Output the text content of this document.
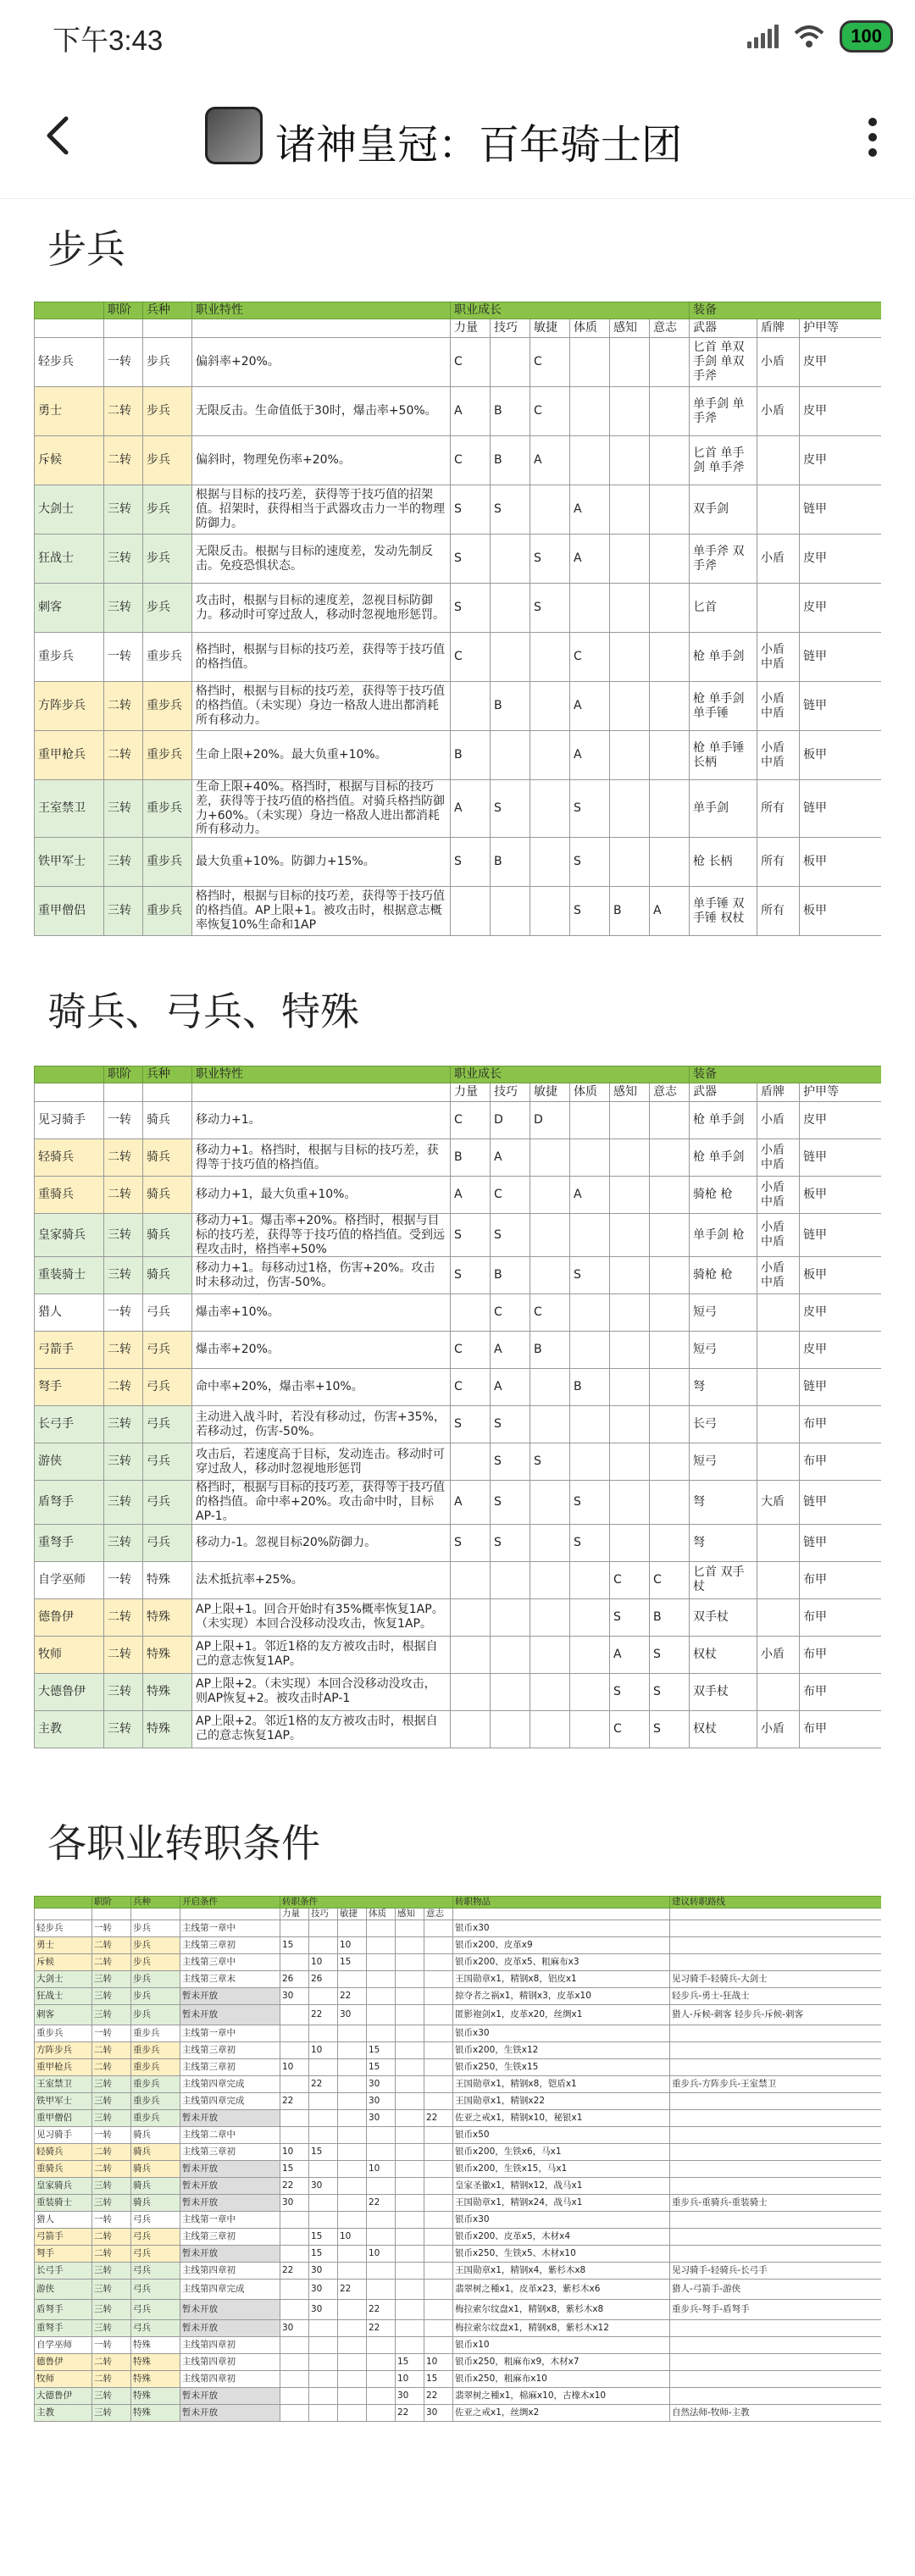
下午3:43	100
诸神皇冠：百年骑士团
步兵
	职阶	兵种	职业特性	职业成长						装备		
				力量	技巧	敏捷	体质	感知	意志	武器	盾牌	护甲等
轻步兵	一转	步兵	偏斜率+20%。	C		C				匕首 单双手剑 单双手斧	小盾	皮甲
勇士	二转	步兵	无限反击。生命值低于30时，爆击率+50%。	A	B	C				单手剑 单手斧	小盾	皮甲
斥候	二转	步兵	偏斜时，物理免伤率+20%。	C	B	A				匕首 单手剑 单手斧		皮甲
大剑士	三转	步兵	根据与目标的技巧差，获得等于技巧值的招架值。招架时，获得相当于武器攻击力一半的物理防御力。	S	S		A			双手剑		链甲
狂战士	三转	步兵	无限反击。根据与目标的速度差，发动先制反击。免疫恐惧状态。	S		S	A			单手斧 双手斧	小盾	皮甲
刺客	三转	步兵	攻击时，根据与目标的速度差，忽视目标防御力。移动时可穿过敌人，移动时忽视地形惩罚。	S		S				匕首		皮甲
重步兵	一转	重步兵	格挡时，根据与目标的技巧差，获得等于技巧值的格挡值。	C			C			枪 单手剑	小盾 中盾	链甲
方阵步兵	二转	重步兵	格挡时，根据与目标的技巧差，获得等于技巧值的格挡值。（未实现）身边一格敌人进出都消耗所有移动力。		B		A			枪 单手剑 单手锤	小盾 中盾	链甲
重甲枪兵	二转	重步兵	生命上限+20%。最大负重+10%。	B			A			枪 单手锤 长柄	小盾 中盾	板甲
王室禁卫	三转	重步兵	生命上限+40%。格挡时，根据与目标的技巧差，获得等于技巧值的格挡值。对骑兵格挡防御力+60%。（未实现）身边一格敌人进出都消耗所有移动力。	A	S		S			单手剑	所有	链甲
铁甲军士	三转	重步兵	最大负重+10%。防御力+15%。	S	B		S			枪 长柄	所有	板甲
重甲僧侣	三转	重步兵	格挡时，根据与目标的技巧差，获得等于技巧值的格挡值。AP上限+1。被攻击时，根据意志概率恢复10%生命和1AP				S	B	A	单手锤 双手锤 权杖	所有	板甲
骑兵、弓兵、特殊
	职阶	兵种	职业特性	职业成长						装备		
				力量	技巧	敏捷	体质	感知	意志	武器	盾牌	护甲等
见习骑手	一转	骑兵	移动力+1。	C	D	D				枪 单手剑	小盾	皮甲
轻骑兵	二转	骑兵	移动力+1。格挡时，根据与目标的技巧差，获得等于技巧值的格挡值。	B	A					枪 单手剑	小盾 中盾	链甲
重骑兵	二转	骑兵	移动力+1，最大负重+10%。	A	C		A			骑枪 枪	小盾 中盾	板甲
皇家骑兵	三转	骑兵	移动力+1。爆击率+20%。格挡时，根据与目标的技巧差，获得等于技巧值的格挡值。受到远程攻击时，格挡率+50%	S	S					单手剑 枪	小盾 中盾	链甲
重装骑士	三转	骑兵	移动力+1。每移动过1格，伤害+20%。攻击时未移动过，伤害-50%。	S	B		S			骑枪 枪	小盾 中盾	板甲
猎人	一转	弓兵	爆击率+10%。		C	C				短弓		皮甲
弓箭手	二转	弓兵	爆击率+20%。	C	A	B				短弓		皮甲
弩手	二转	弓兵	命中率+20%，爆击率+10%。	C	A		B			弩		链甲
长弓手	三转	弓兵	主动进入战斗时，若没有移动过，伤害+35%，若移动过，伤害-50%。	S	S					长弓		布甲
游侠	三转	弓兵	攻击后，若速度高于目标，发动连击。移动时可穿过敌人，移动时忽视地形惩罚		S	S				短弓		布甲
盾弩手	三转	弓兵	格挡时，根据与目标的技巧差，获得等于技巧值的格挡值。命中率+20%。攻击命中时，目标AP-1。	A	S		S			弩	大盾	链甲
重弩手	三转	弓兵	移动力-1。忽视目标20%防御力。	S	S		S			弩		链甲
自学巫师	一转	特殊	法术抵抗率+25%。					C	C	匕首 双手杖		布甲
德鲁伊	二转	特殊	AP上限+1。回合开始时有35%概率恢复1AP。（未实现）本回合没移动没攻击，恢复1AP。					S	B	双手杖		布甲
牧师	二转	特殊	AP上限+1。邻近1格的友方被攻击时，根据自己的意志恢复1AP。					A	S	权杖	小盾	布甲
大德鲁伊	三转	特殊	AP上限+2。（未实现）本回合没移动没攻击，则AP恢复+2。被攻击时AP-1					S	S	双手杖		布甲
主教	三转	特殊	AP上限+2。邻近1格的友方被攻击时，根据自己的意志恢复1AP。					C	S	权杖	小盾	布甲
各职业转职条件
	职阶	兵种	开启条件	转职条件						转职物品	建议转职路线
				力量	技巧	敏捷	体质	感知	意志		
轻步兵	一转	步兵	主线第一章中							银币x30	
勇士	二转	步兵	主线第三章初	15		10				银币x200、皮革x9	
斥候	二转	步兵	主线第三章中		10	15				银币x200、皮革x5、粗麻布x3	
大剑士	三转	步兵	主线第三章末	26	26					王国勋章x1，精钢x8，铝皮x1	见习骑手-轻骑兵-大剑士
狂战士	三转	步兵	暂未开放	30		22				掠夺者之祸x1，精钢x3，皮革x10	轻步兵-勇士-狂战士
刺客	三转	步兵	暂未开放		22	30				匿影袍剑x1，皮革x20，丝绸x1	猎人-斥候-刺客 轻步兵-斥候-刺客
重步兵	一转	重步兵	主线第一章中							银币x30	
方阵步兵	二转	重步兵	主线第三章初		10		15			银币x200，生铁x12	
重甲枪兵	二转	重步兵	主线第三章初	10			15			银币x250，生铁x15	
王室禁卫	三转	重步兵	主线第四章完成		22		30			王国勋章x1，精钢x8，铠盾x1	重步兵-方阵步兵-王室禁卫
铁甲军士	三转	重步兵	主线第四章完成	22			30			王国勋章x1，精钢x22	
重甲僧侣	三转	重步兵	暂未开放				30		22	佐亚之戒x1，精钢x10，秘银x1	
见习骑手	一转	骑兵	主线第二章中							银币x50	
轻骑兵	二转	骑兵	主线第三章初	10	15					银币x200，生铁x6，马x1	
重骑兵	二转	骑兵	暂未开放	15			10			银币x200，生铁x15，马x1	
皇家骑兵	三转	骑兵	暂未开放	22	30					皇家圣徽x1，精钢x12，战马x1	
重装骑士	三转	骑兵	暂未开放	30			22			王国勋章x1，精钢x24，战马x1	重步兵-重骑兵-重装骑士
猎人	一转	弓兵	主线第一章中							银币x30	
弓箭手	二转	弓兵	主线第三章初		15	10				银币x200、皮革x5，木材x4	
弩手	二转	弓兵	暂未开放		15		10			银币x250、生铁x5、木材x10	
长弓手	三转	弓兵	主线第四章初	22	30					王国勋章x1，精钢x4，紫杉木x8	见习骑手-轻骑兵-长弓手
游侠	三转	弓兵	主线第四章完成		30	22				翡翠树之種x1，皮革x23，紫杉木x6	猎人-弓箭手-游侠
盾弩手	三转	弓兵	暂未开放		30		22			梅拉索尔纹盘x1，精钢x8，紫杉木x8	重步兵-弩手-盾弩手
重弩手	三转	弓兵	暂未开放	30			22			梅拉索尔纹盘x1，精钢x8，紫杉木x12	
自学巫师	一转	特殊	主线第四章初							银币x10	
德鲁伊	二转	特殊	主线第四章初					15	10	银币x250，粗麻布x9，木材x7	
牧师	二转	特殊	主线第四章初					10	15	银币x250，粗麻布x10	
大德鲁伊	三转	特殊	暂未开放					30	22	翡翠树之種x1，棉麻x10，古橡木x10	
主教	三转	特殊	暂未开放					22	30	佐亚之戒x1，丝绸x2	自然法师-牧师-主教
